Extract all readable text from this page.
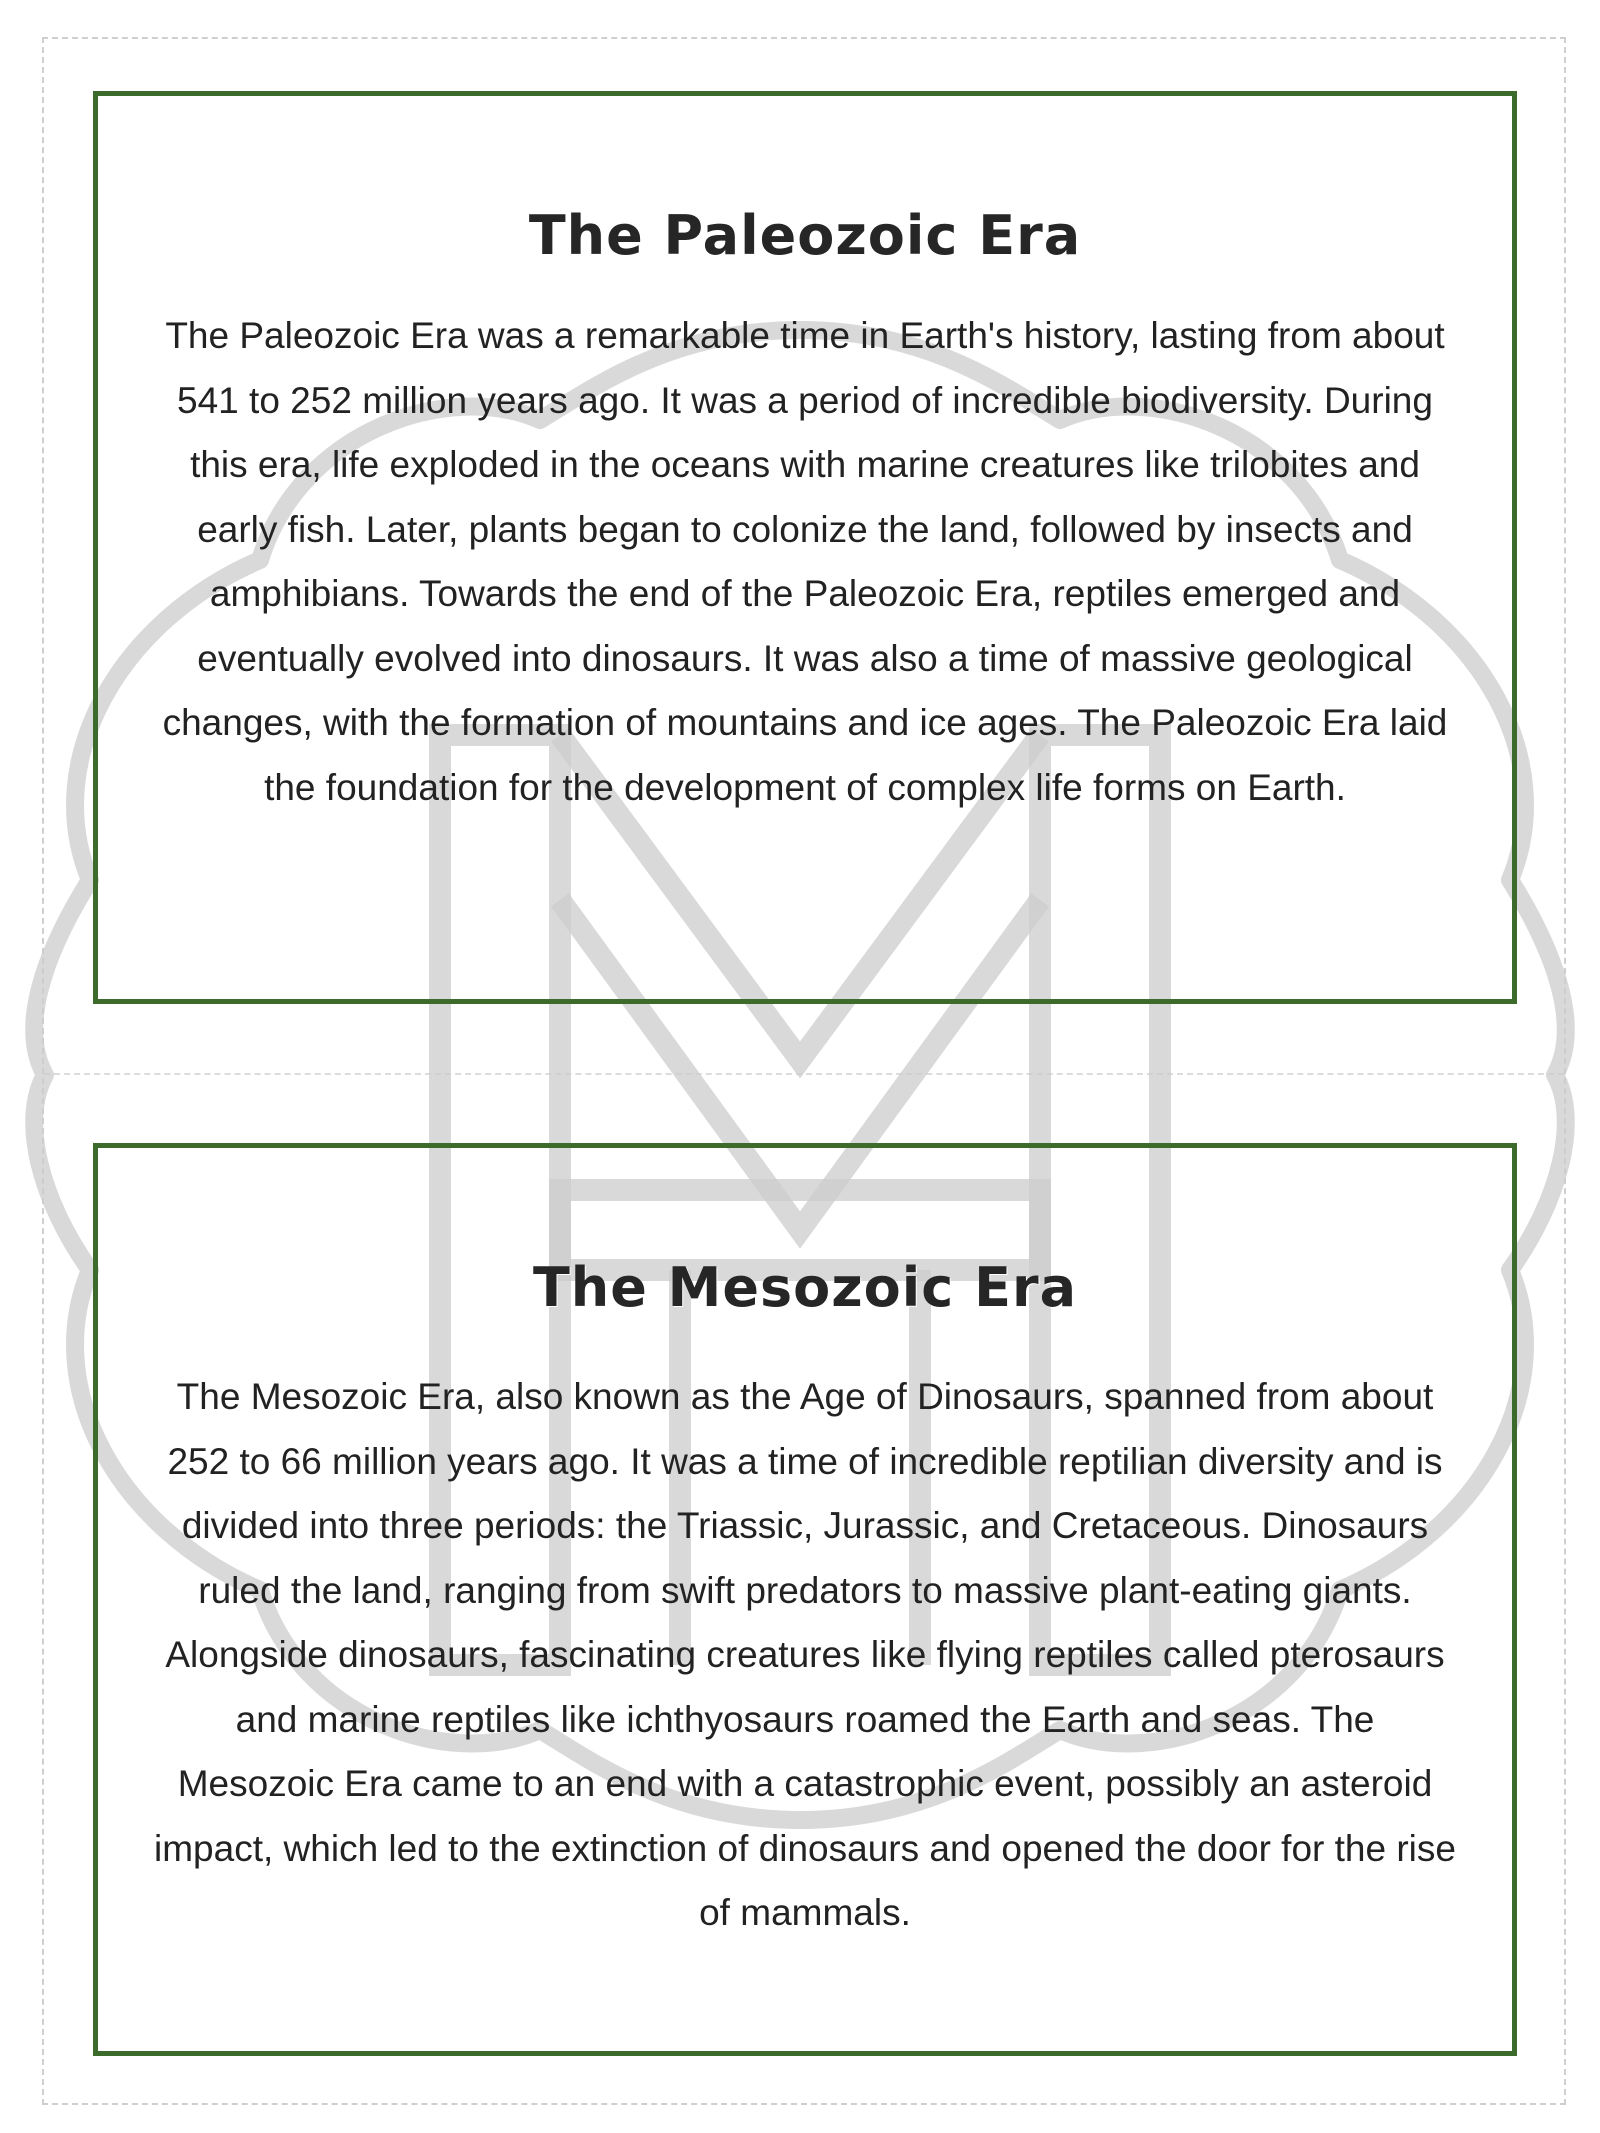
The Paleozoic Era

The Paleozoic Era was a remarkable time in Earth's history, lasting from about 541 to 252 million years ago. It was a period of incredible biodiversity. During this era, life exploded in the oceans with marine creatures like trilobites and early fish. Later, plants began to colonize the land, followed by insects and amphibians. Towards the end of the Paleozoic Era, reptiles emerged and eventually evolved into dinosaurs. It was also a time of massive geological changes, with the formation of mountains and ice ages. The Paleozoic Era laid the foundation for the development of complex life forms on Earth.

The Mesozoic Era

The Mesozoic Era, also known as the Age of Dinosaurs, spanned from about 252 to 66 million years ago. It was a time of incredible reptilian diversity and is divided into three periods: the Triassic, Jurassic, and Cretaceous. Dinosaurs ruled the land, ranging from swift predators to massive plant-eating giants. Alongside dinosaurs, fascinating creatures like flying reptiles called pterosaurs and marine reptiles like ichthyosaurs roamed the Earth and seas. The Mesozoic Era came to an end with a catastrophic event, possibly an asteroid impact, which led to the extinction of dinosaurs and opened the door for the rise of mammals.
